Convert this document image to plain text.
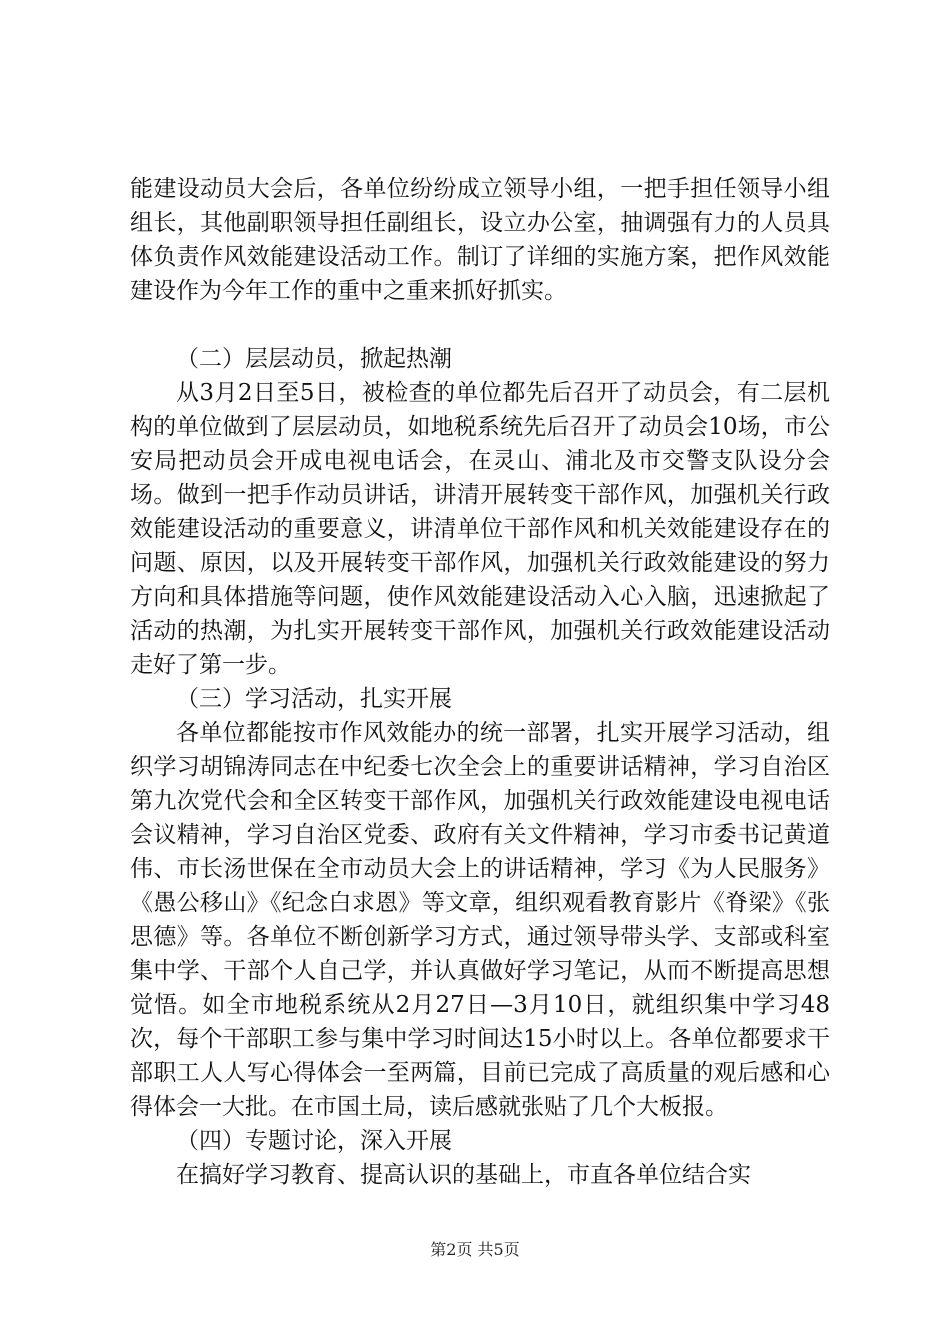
能建设动员大会后，各单位纷纷成立领导小组，一把手担任领导小组组长，其他副职领导担任副组长，设立办公室，抽调强有力的人员具体负责作风效能建设活动工作。制订了详细的实施方案，把作风效能建设作为今年工作的重中之重来抓好抓实。

（二）层层动员，掀起热潮

从3月2日至5日，被检查的单位都先后召开了动员会，有二层机构的单位做到了层层动员，如地税系统先后召开了动员会10场，市公安局把动员会开成电视电话会，在灵山、浦北及市交警支队设分会场。做到一把手作动员讲话，讲清开展转变干部作风，加强机关行政效能建设活动的重要意义，讲清单位干部作风和机关效能建设存在的问题、原因，以及开展转变干部作风，加强机关行政效能建设的努力方向和具体措施等问题，使作风效能建设活动入心入脑，迅速掀起了活动的热潮，为扎实开展转变干部作风，加强机关行政效能建设活动走好了第一步。

（三）学习活动，扎实开展

各单位都能按市作风效能办的统一部署，扎实开展学习活动，组织学习胡锦涛同志在中纪委七次全会上的重要讲话精神，学习自治区第九次党代会和全区转变干部作风，加强机关行政效能建设电视电话会议精神，学习自治区党委、政府有关文件精神，学习市委书记黄道伟、市长汤世保在全市动员大会上的讲话精神，学习《为人民服务》《愚公移山》《纪念白求恩》等文章，组织观看教育影片《脊梁》《张思德》等。各单位不断创新学习方式，通过领导带头学、支部或科室集中学、干部个人自己学，并认真做好学习笔记，从而不断提高思想觉悟。如全市地税系统从2月27日—3月10日，就组织集中学习48次，每个干部职工参与集中学习时间达15小时以上。各单位都要求干部职工人人写心得体会一至两篇，目前已完成了高质量的观后感和心得体会一大批。在市国土局，读后感就张贴了几个大板报。

（四）专题讨论，深入开展

在搞好学习教育、提高认识的基础上，市直各单位结合实

第2页 共5页
